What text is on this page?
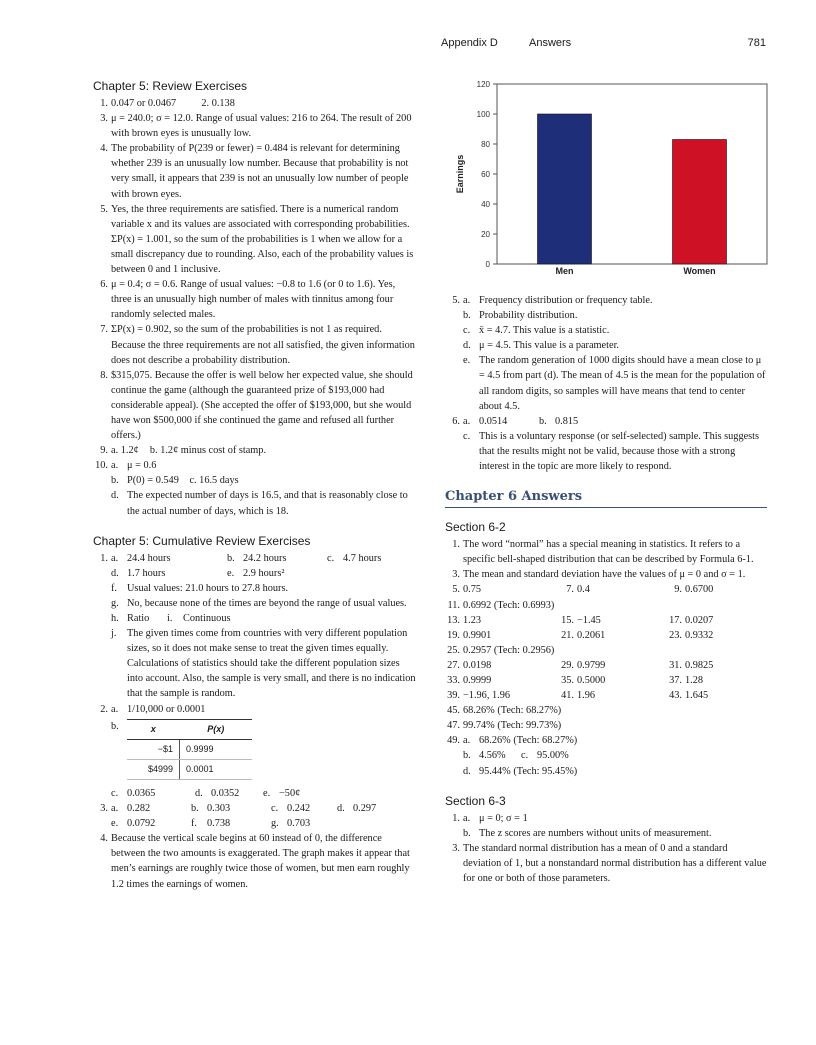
Appendix D	Answers	781
Chapter 5: Review Exercises
1. 0.047 or 0.0467 2. 0.138
3. μ = 240.0; σ = 12.0. Range of usual values: 216 to 264. The result of 200 with brown eyes is unusually low.
4. The probability of P(239 or fewer) = 0.484 is relevant for determining whether 239 is an unusually low number. Because that probability is not very small, it appears that 239 is not an unusually low number of people with brown eyes.
5. Yes, the three requirements are satisfied. There is a numerical random variable x and its values are associated with corresponding probabilities. ΣP(x) = 1.001, so the sum of the probabilities is 1 when we allow for a small discrepancy due to rounding. Also, each of the probability values is between 0 and 1 inclusive.
6. μ = 0.4; σ = 0.6. Range of usual values: −0.8 to 1.6 (or 0 to 1.6). Yes, three is an unusually high number of males with tinnitus among four randomly selected males.
7. ΣP(x) = 0.902, so the sum of the probabilities is not 1 as required. Because the three requirements are not all satisfied, the given information does not describe a probability distribution.
8. $315,075. Because the offer is well below her expected value, she should continue the game (although the guaranteed prize of $193,000 had considerable appeal). (She accepted the offer of $193,000, but she would have won $500,000 if she continued the game and refused all further offers.)
9. a. 1.2¢ b. 1.2¢ minus cost of stamp.
10. a. μ = 0.6
b. P(0) = 0.549 c. 16.5 days
d. The expected number of days is 16.5, and that is reasonably close to the actual number of days, which is 18.
Chapter 5: Cumulative Review Exercises
1. a. 24.4 hours	b. 24.2 hours	c. 4.7 hours
d. 1.7 hours	e. 2.9 hours²
f. Usual values: 21.0 hours to 27.8 hours.
g. No, because none of the times are beyond the range of usual values.
h. Ratio	i. Continuous
j. The given times come from countries with very different population sizes, so it does not make sense to treat the given times equally. Calculations of statistics should take the different population sizes into account. Also, the sample is very small, and there is no indication that the sample is random.
2. a. 1/10,000 or 0.0001
b.	x	P(x)
−$1	0.9999
$4999	0.0001
c. 0.0365	d. 0.0352	e. −50¢
3. a. 0.282	b. 0.303	c. 0.242	d. 0.297
e. 0.0792	f. 0.738	g. 0.703
4. Because the vertical scale begins at 60 instead of 0, the difference between the two amounts is exaggerated. The graph makes it appear that men’s earnings are roughly twice those of women, but men earn roughly 1.2 times the earnings of women.
0
20
40
60
80
100
120
Earnings
Men	Women
5. a. Frequency distribution or frequency table.
b. Probability distribution.
c. x̄ = 4.7. This value is a statistic.
d. μ = 4.5. This value is a parameter.
e. The random generation of 1000 digits should have a mean close to μ = 4.5 from part (d). The mean of 4.5 is the mean for the population of all random digits, so samples will have means that tend to center about 4.5.
6. a. 0.0514	b. 0.815
c. This is a voluntary response (or self-selected) sample. This suggests that the results might not be valid, because those with a strong interest in the topic are more likely to respond.
Chapter 6 Answers
Section 6-2
1. The word “normal” has a special meaning in statistics. It refers to a specific bell-shaped distribution that can be described by Formula 6-1.
3. The mean and standard deviation have the values of μ = 0 and σ = 1.
5. 0.75	7. 0.4	9. 0.6700
11. 0.6992 (Tech: 0.6993)
13. 1.23	15. −1.45	17. 0.0207
19. 0.9901	21. 0.2061	23. 0.9332
25. 0.2957 (Tech: 0.2956)
27. 0.0198	29. 0.9799	31. 0.9825
33. 0.9999	35. 0.5000	37. 1.28
39. −1.96, 1.96	41. 1.96	43. 1.645
45. 68.26% (Tech: 68.27%)
47. 99.74% (Tech: 99.73%)
49. a. 68.26% (Tech: 68.27%)
b. 4.56%	c. 95.00%
d. 95.44% (Tech: 95.45%)
Section 6-3
1. a. μ = 0; σ = 1
b. The z scores are numbers without units of measurement.
3. The standard normal distribution has a mean of 0 and a standard deviation of 1, but a nonstandard normal distribution has a different value for one or both of those parameters.
